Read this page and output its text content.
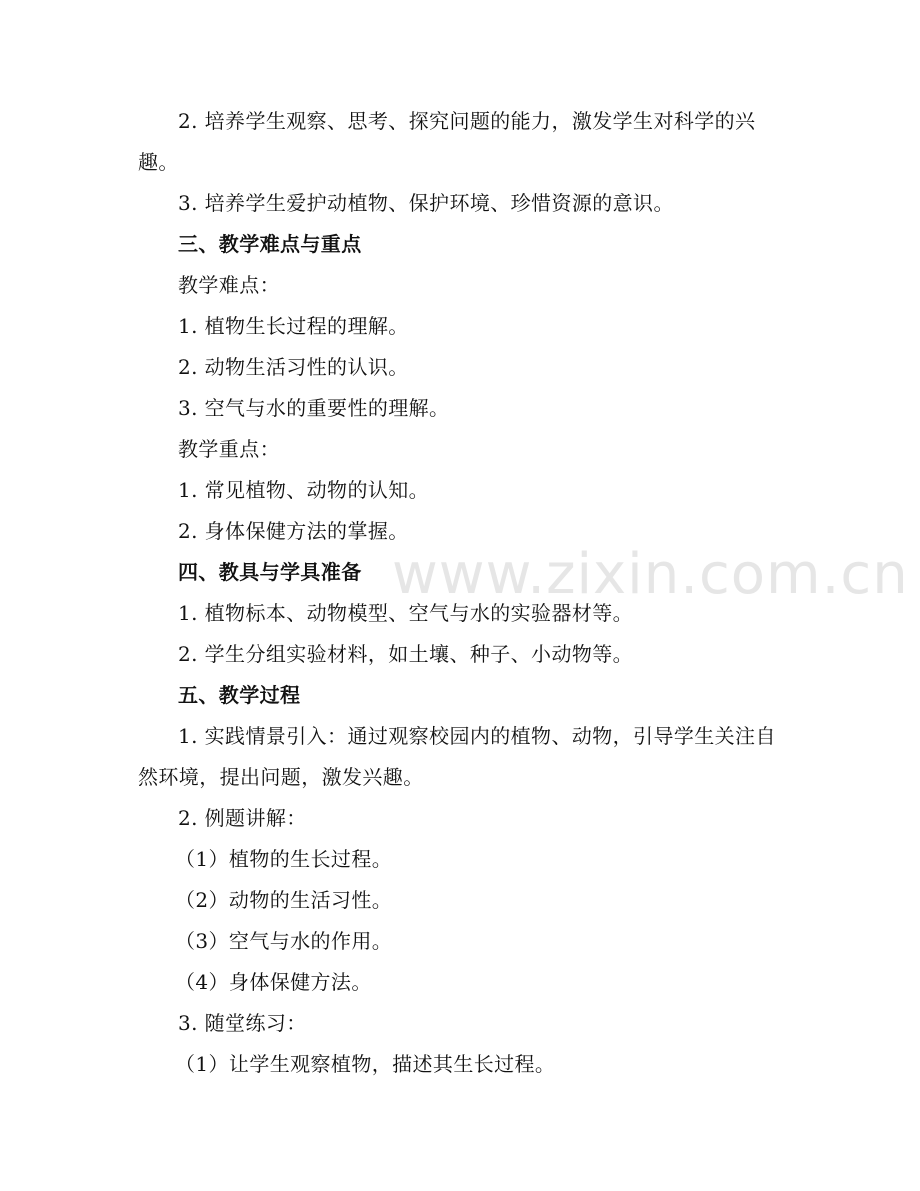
www.zixin.com.cn
2. 培养学生观察、思考、探究问题的能力，激发学生对科学的兴趣。
3. 培养学生爱护动植物、保护环境、珍惜资源的意识。
三、教学难点与重点
教学难点：
1. 植物生长过程的理解。
2. 动物生活习性的认识。
3. 空气与水的重要性的理解。
教学重点：
1. 常见植物、动物的认知。
2. 身体保健方法的掌握。
四、教具与学具准备
1. 植物标本、动物模型、空气与水的实验器材等。
2. 学生分组实验材料，如土壤、种子、小动物等。
五、教学过程
1. 实践情景引入：通过观察校园内的植物、动物，引导学生关注自然环境，提出问题，激发兴趣。
2. 例题讲解：
（1）植物的生长过程。
（2）动物的生活习性。
（3）空气与水的作用。
（4）身体保健方法。
3. 随堂练习：
（1）让学生观察植物，描述其生长过程。
